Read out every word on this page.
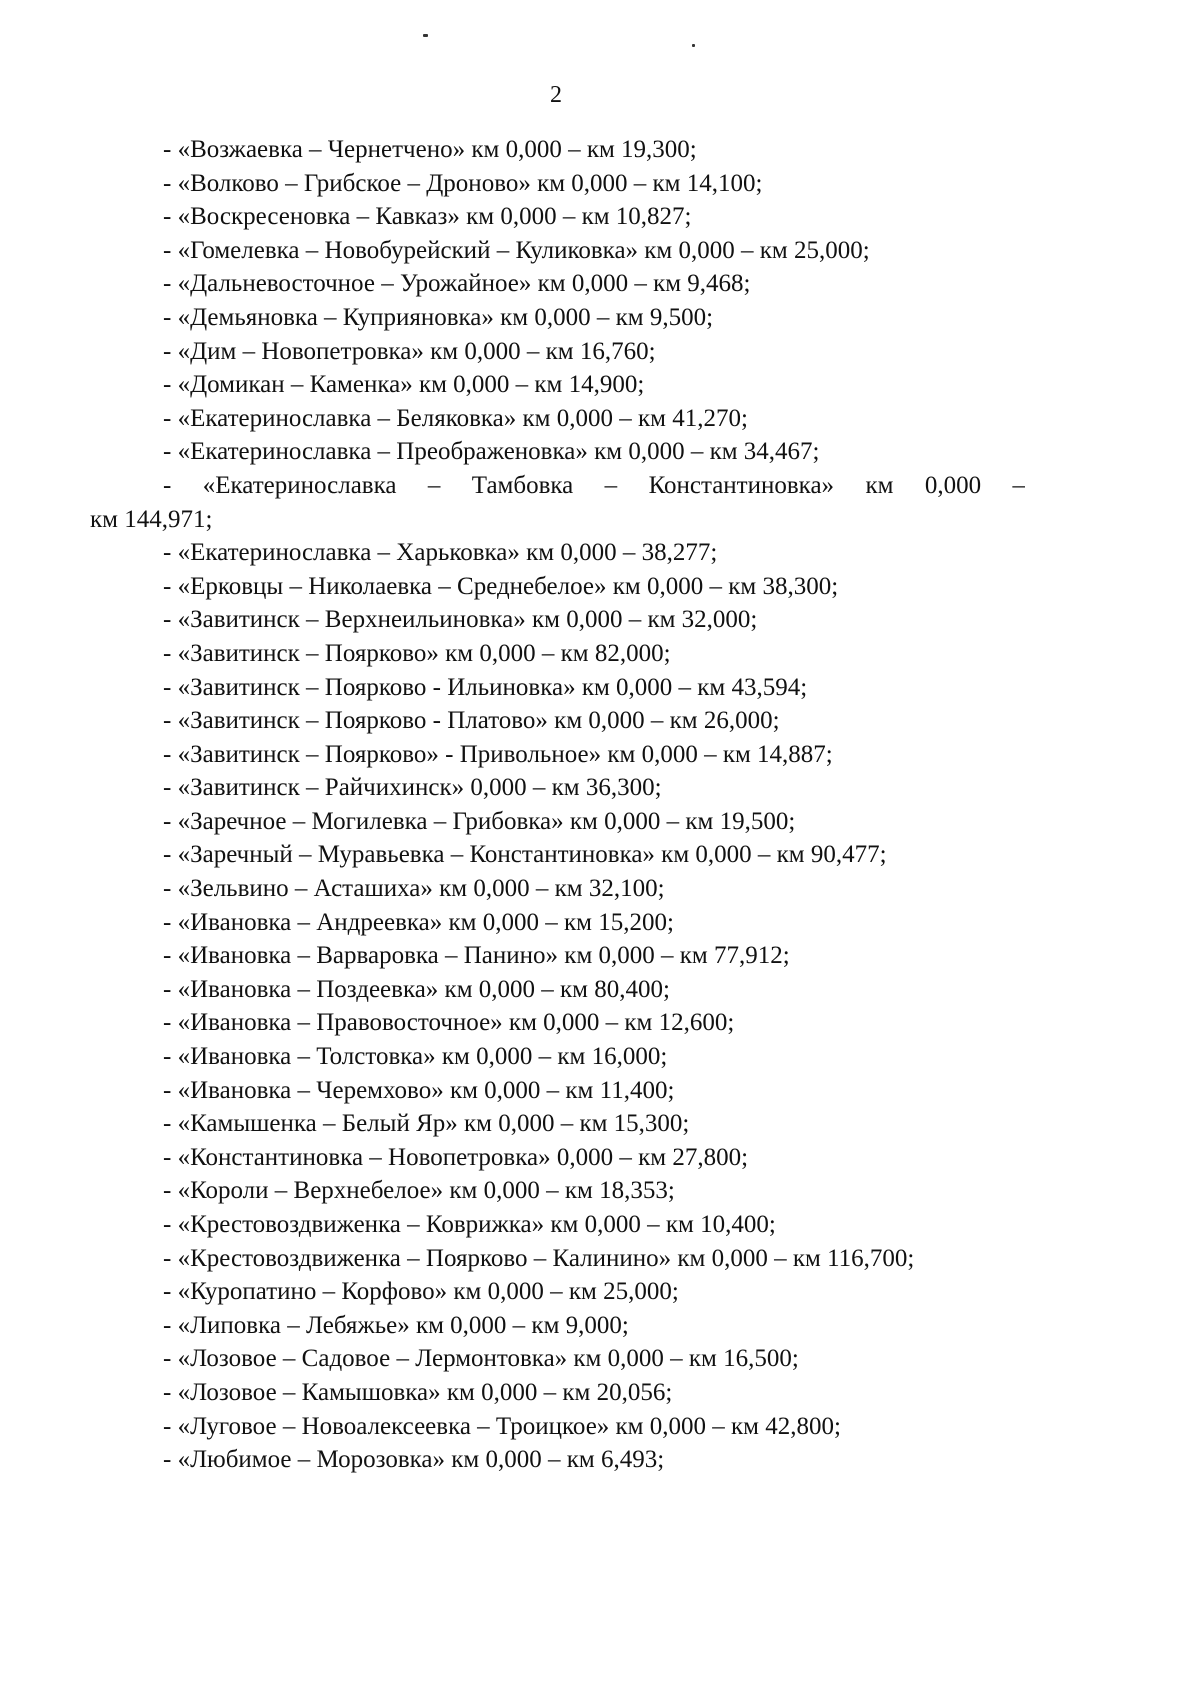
2
- «Возжаевка – Чернетчено» км 0,000 – км 19,300;
- «Волково – Грибское – Дроново» км 0,000 – км 14,100;
- «Воскресеновка – Кавказ» км 0,000 – км 10,827;
- «Гомелевка – Новобурейский – Куликовка» км 0,000 – км 25,000;
- «Дальневосточное – Урожайное» км 0,000 – км 9,468;
- «Демьяновка – Куприяновка» км 0,000 – км 9,500;
- «Дим – Новопетровка» км 0,000 – км 16,760;
- «Домикан – Каменка» км 0,000 – км 14,900;
- «Екатеринославка – Беляковка» км 0,000 – км 41,270;
- «Екатеринославка – Преображеновка» км 0,000 – км 34,467;
- «Екатеринославка – Тамбовка – Константиновка» км 0,000 –
км 144,971;
- «Екатеринославка – Харьковка» км 0,000 – 38,277;
- «Ерковцы – Николаевка – Среднебелое» км 0,000 – км 38,300;
- «Завитинск – Верхнеильиновка» км 0,000 – км 32,000;
- «Завитинск – Поярково» км 0,000 – км 82,000;
- «Завитинск – Поярково - Ильиновка» км 0,000 – км 43,594;
- «Завитинск – Поярково - Платово» км 0,000 – км 26,000;
- «Завитинск – Поярково» - Привольное» км 0,000 – км 14,887;
- «Завитинск – Райчихинск» 0,000 – км 36,300;
- «Заречное – Могилевка – Грибовка» км 0,000 – км 19,500;
- «Заречный – Муравьевка – Константиновка» км 0,000 – км 90,477;
- «Зельвино – Асташиха» км 0,000 – км 32,100;
- «Ивановка – Андреевка» км 0,000 – км 15,200;
- «Ивановка – Варваровка – Панино» км 0,000 – км 77,912;
- «Ивановка – Поздеевка» км 0,000 – км 80,400;
- «Ивановка – Правовосточное» км 0,000 – км 12,600;
- «Ивановка – Толстовка» км 0,000 – км 16,000;
- «Ивановка – Черемхово» км 0,000 – км 11,400;
- «Камышенка – Белый Яр» км 0,000 – км 15,300;
- «Константиновка – Новопетровка» 0,000 – км 27,800;
- «Короли – Верхнебелое» км 0,000 – км 18,353;
- «Крестовоздвиженка – Коврижка» км 0,000 – км 10,400;
- «Крестовоздвиженка – Поярково – Калинино» км 0,000 – км 116,700;
- «Куропатино – Корфово» км 0,000 – км 25,000;
- «Липовка – Лебяжье» км 0,000 – км 9,000;
- «Лозовое – Садовое – Лермонтовка» км 0,000 – км 16,500;
- «Лозовое – Камышовка» км 0,000 – км 20,056;
- «Луговое – Новоалексеевка – Троицкое» км 0,000 – км 42,800;
- «Любимое – Морозовка» км 0,000 – км 6,493;
